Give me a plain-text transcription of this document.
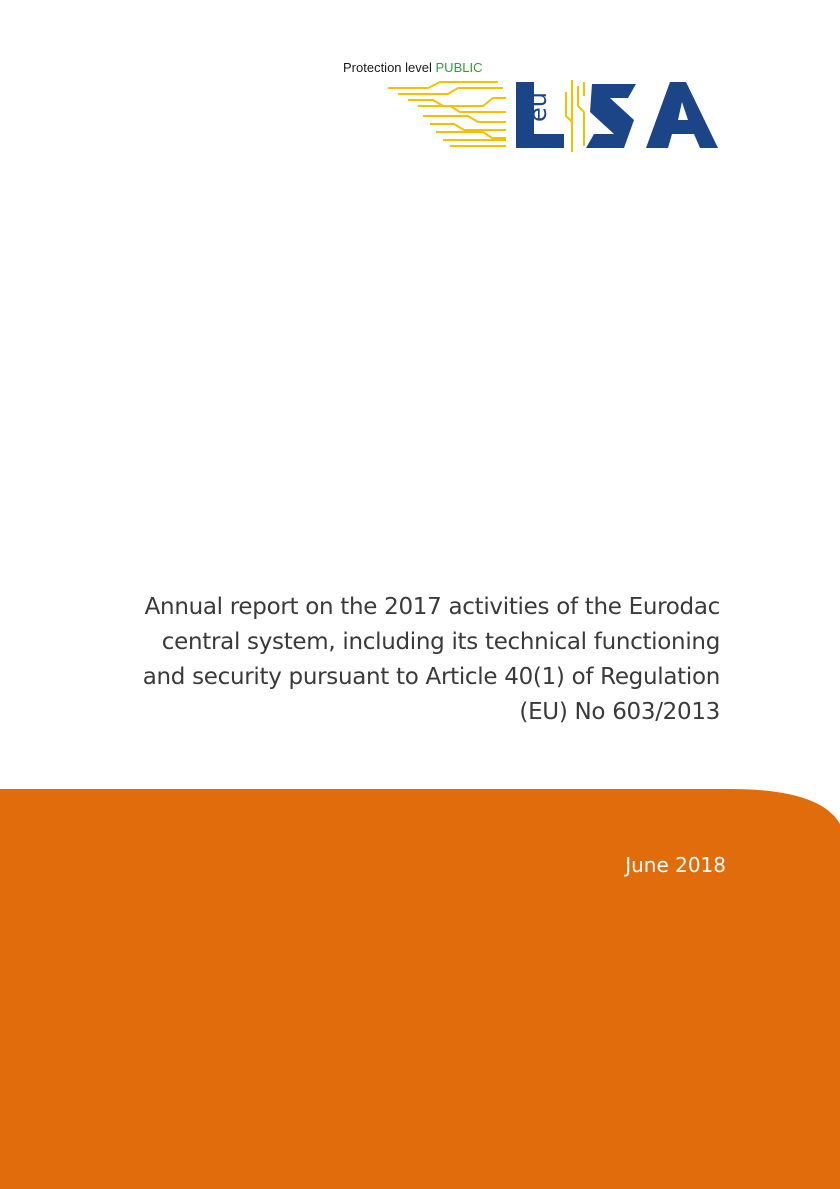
Protection level PUBLIC
eu
Annual report on the 2017 activities of the Eurodac
central system, including its technical functioning
and security pursuant to Article 40(1) of Regulation
(EU) No 603/2013
June 2018
